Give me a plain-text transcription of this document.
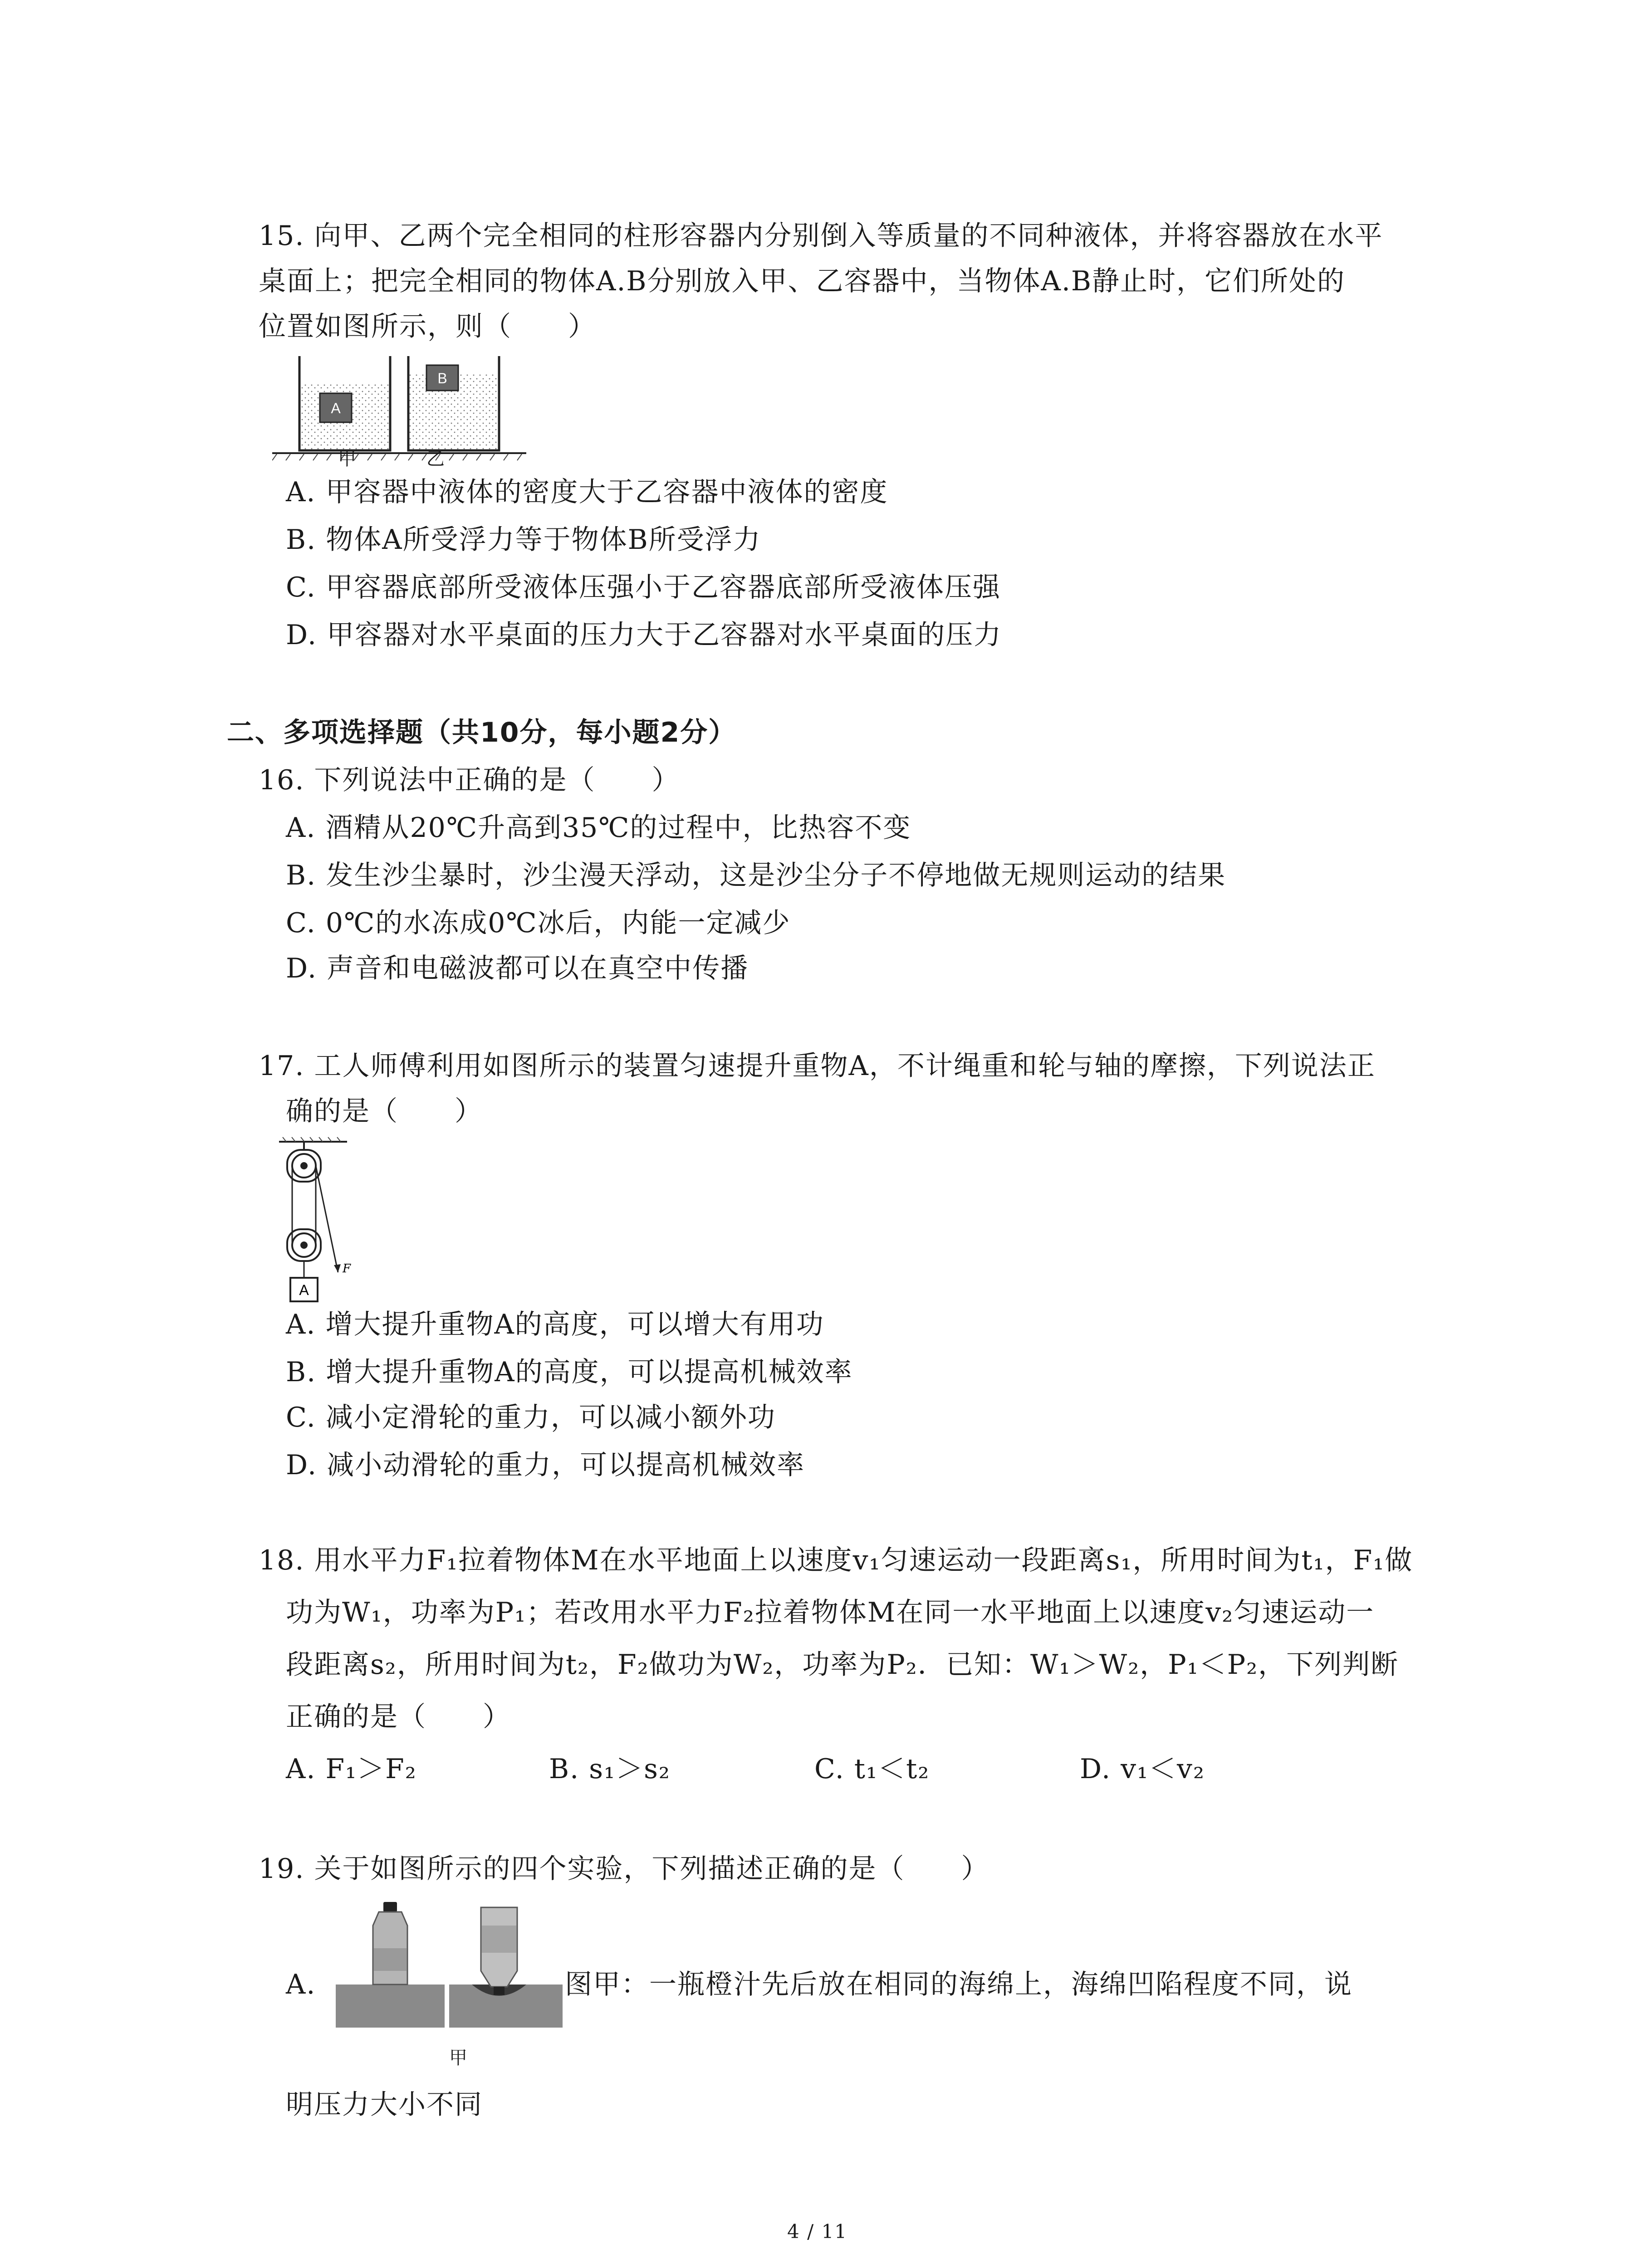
15. 向甲、乙两个完全相同的柱形容器内分别倒入等质量的不同种液体，并将容器放在水平
桌面上；把完全相同的物体A.B分别放入甲、乙容器中，当物体A.B静止时，它们所处的
位置如图所示，则（　　）
A
B
甲	乙
A. 甲容器中液体的密度大于乙容器中液体的密度
B. 物体A所受浮力等于物体B所受浮力
C. 甲容器底部所受液体压强小于乙容器底部所受液体压强
D. 甲容器对水平桌面的压力大于乙容器对水平桌面的压力
二、多项选择题（共10分，每小题2分）
16. 下列说法中正确的是（　　）
A. 酒精从20℃升高到35℃的过程中，比热容不变
B. 发生沙尘暴时，沙尘漫天浮动，这是沙尘分子不停地做无规则运动的结果
C. 0℃的水冻成0℃冰后，内能一定减少
D. 声音和电磁波都可以在真空中传播
17. 工人师傅利用如图所示的装置匀速提升重物A，不计绳重和轮与轴的摩擦，下列说法正
确的是（　　）
F
A
A. 增大提升重物A的高度，可以增大有用功
B. 增大提升重物A的高度，可以提高机械效率
C. 减小定滑轮的重力，可以减小额外功
D. 减小动滑轮的重力，可以提高机械效率
18. 用水平力F₁拉着物体M在水平地面上以速度v₁匀速运动一段距离s₁，所用时间为t₁，F₁做
功为W₁，功率为P₁；若改用水平力F₂拉着物体M在同一水平地面上以速度v₂匀速运动一
段距离s₂，所用时间为t₂，F₂做功为W₂，功率为P₂．已知：W₁＞W₂，P₁＜P₂，下列判断
正确的是（　　）
A. F₁＞F₂	B. s₁＞s₂	C. t₁＜t₂	D. v₁＜v₂
19. 关于如图所示的四个实验，下列描述正确的是（　　）
A.
甲
图甲：一瓶橙汁先后放在相同的海绵上，海绵凹陷程度不同，说
明压力大小不同
4 / 11
